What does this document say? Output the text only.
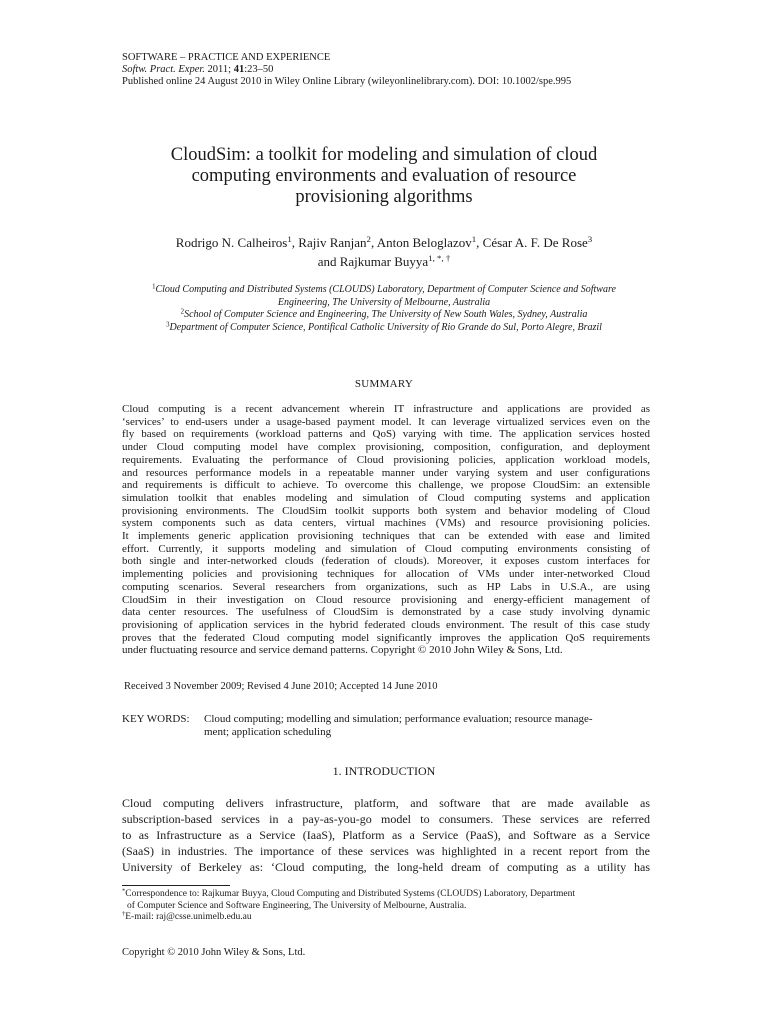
SOFTWARE – PRACTICE AND EXPERIENCE
Softw. Pract. Exper. 2011; 41:23–50
Published online 24 August 2010 in Wiley Online Library (wileyonlinelibrary.com). DOI: 10.1002/spe.995
CloudSim: a toolkit for modeling and simulation of cloud
computing environments and evaluation of resource
provisioning algorithms
Rodrigo N. Calheiros$^1$, Rajiv Ranjan$^2$, Anton Beloglazov$^1$, César A. F. De Rose$^3$
and Rajkumar Buyya$^{1, *, \dagger}$
$^1$Cloud Computing and Distributed Systems (CLOUDS) Laboratory, Department of Computer Science and Software
Engineering, The University of Melbourne, Australia
$^2$School of Computer Science and Engineering, The University of New South Wales, Sydney, Australia
$^3$Department of Computer Science, Pontifical Catholic University of Rio Grande do Sul, Porto Alegre, Brazil
SUMMARY
Cloud computing is a recent advancement wherein IT infrastructure and applications are provided as
‘services’ to end-users under a usage-based payment model. It can leverage virtualized services even on the
fly based on requirements (workload patterns and QoS) varying with time. The application services hosted
under Cloud computing model have complex provisioning, composition, configuration, and deployment
requirements. Evaluating the performance of Cloud provisioning policies, application workload models,
and resources performance models in a repeatable manner under varying system and user configurations
and requirements is difficult to achieve. To overcome this challenge, we propose CloudSim: an extensible
simulation toolkit that enables modeling and simulation of Cloud computing systems and application
provisioning environments. The CloudSim toolkit supports both system and behavior modeling of Cloud
system components such as data centers, virtual machines (VMs) and resource provisioning policies.
It implements generic application provisioning techniques that can be extended with ease and limited
effort. Currently, it supports modeling and simulation of Cloud computing environments consisting of
both single and inter-networked clouds (federation of clouds). Moreover, it exposes custom interfaces for
implementing policies and provisioning techniques for allocation of VMs under inter-networked Cloud
computing scenarios. Several researchers from organizations, such as HP Labs in U.S.A., are using
CloudSim in their investigation on Cloud resource provisioning and energy-efficient management of
data center resources. The usefulness of CloudSim is demonstrated by a case study involving dynamic
provisioning of application services in the hybrid federated clouds environment. The result of this case study
proves that the federated Cloud computing model significantly improves the application QoS requirements
under fluctuating resource and service demand patterns. Copyright © 2010 John Wiley & Sons, Ltd.
Received 3 November 2009; Revised 4 June 2010; Accepted 14 June 2010
KEY WORDS: Cloud computing; modelling and simulation; performance evaluation; resource manage-
ment; application scheduling
1. INTRODUCTION
Cloud computing delivers infrastructure, platform, and software that are made available as
subscription-based services in a pay-as-you-go model to consumers. These services are referred
to as Infrastructure as a Service (IaaS), Platform as a Service (PaaS), and Software as a Service
(SaaS) in industries. The importance of these services was highlighted in a recent report from the
University of Berkeley as: ‘Cloud computing, the long-held dream of computing as a utility has
*Correspondence to: Rajkumar Buyya, Cloud Computing and Distributed Systems (CLOUDS) Laboratory, Department
of Computer Science and Software Engineering, The University of Melbourne, Australia.
†E-mail: raj@csse.unimelb.edu.au
Copyright © 2010 John Wiley & Sons, Ltd.
